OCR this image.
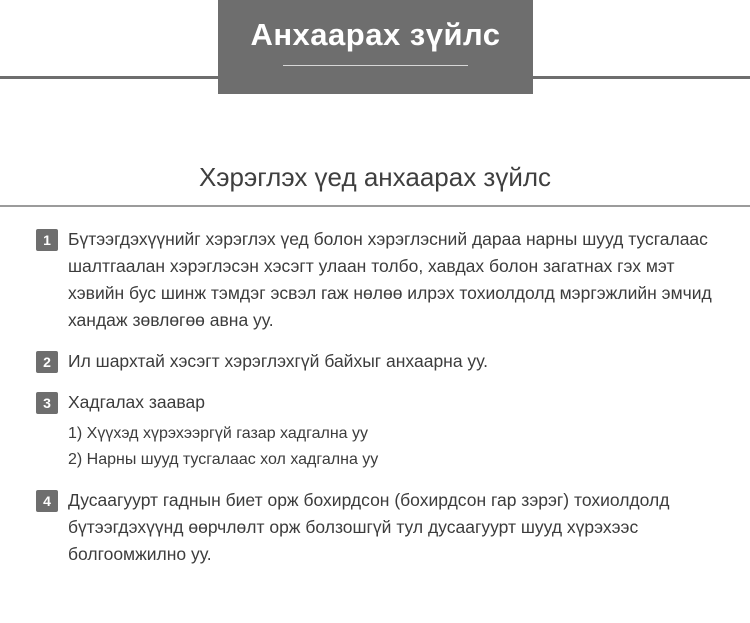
Анхаарах зүйлс
Хэрэглэх үед анхаарах зүйлс
1 Бүтээгдэхүүнийг хэрэглэх үед болон хэрэглэсний дараа нарны шууд тусгалаас шалтгаалан хэрэглэсэн хэсэгт улаан толбо, хавдах болон загатнах гэх мэт хэвийн бус шинж тэмдэг эсвэл гаж нөлөө илрэх тохиолдолд мэргэжлийн эмчид хандаж зөвлөгөө авна уу.
2 Ил шархтай хэсэгт хэрэглэхгүй байхыг анхаарна уу.
3 Хадгалах заавар
1) Хүүхэд хүрэхээргүй газар хадгална уу
2) Нарны шууд тусгалаас хол хадгална уу
4 Дусаагуурт гаднын биет орж бохирдсон (бохирдсон гар зэрэг) тохиолдолд бүтээгдэхүүнд өөрчлөлт орж болзошгүй тул дусаагуурт шууд хүрэхээс болгоомжилно уу.
